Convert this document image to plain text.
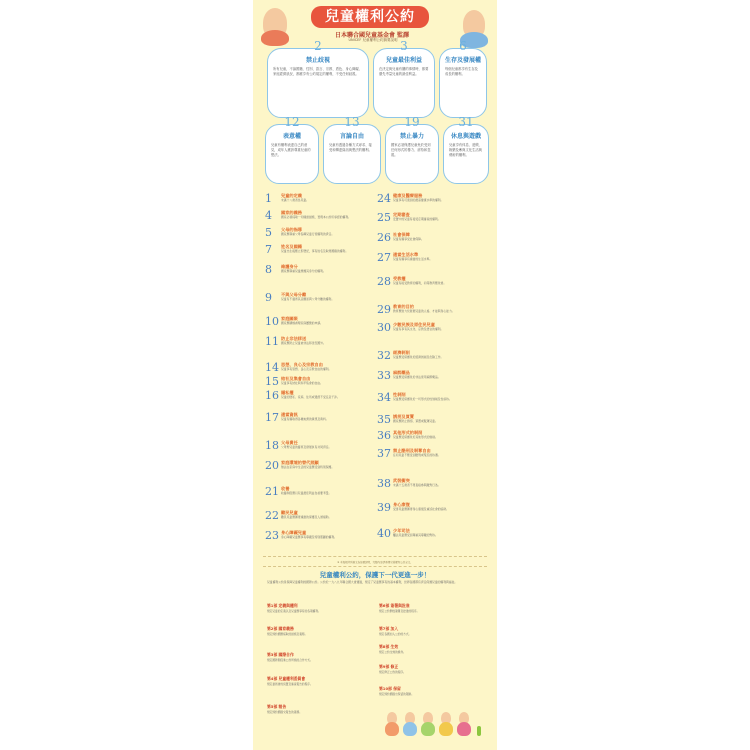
兒童權利公約
日本聯合國兒童基金會 監譯
UNICEF 兒童權利公約摘要說明
2
禁止歧視
所有兒童，不論國籍、性別、語言、宗教、膚色、身心障礙、家庭經濟狀況，都應享有公約規定的權利，不受任何歧視。
3
兒童最佳利益
在決定與兒童有關的事情時，都要優先考量兒童的最佳利益。
6
生存及發展權
每個兒童都享有生存及成長的權利。
12
表意權
兒童有權利表達自己的意見，成年人應該尊重兒童的想法。
13
言論自由
兒童有透過各種方式尋求、接受和傳達資訊與想法的權利。
19
禁止暴力
國家必須保護兒童免於受到任何形式的暴力、虐待和忽視。
31
休息與遊戲
兒童享有休息、遊戲、娛樂及參與文化生活與藝術的權利。
1	兒童的定義
未滿十八歲者為兒童。
4	國家的義務
國家必須採取一切適當措施，實現本公約所承認的權利。
5	父母的指導
國家應尊重父母指導兒童行使權利的責任。
7	姓名及國籍
兒童出生後應立即登記，享有姓名及取得國籍的權利。
8	維護身分
國家應尊重兒童維護其身分的權利。
9	不與父母分離
兒童有不違背其意願而與父母分離的權利。
10 家庭團聚
國家應積極處理家庭團聚的申請。
11 防止非法移送
國家應防止兒童被非法移送至國外。
14 思想、良心及宗教自由
兒童享有思想、良心及宗教自由的權利。
15 結社及集會自由
兒童享有結社與和平集會的自由。
16 隱私權
兒童的隱私、家庭、住所或通訊不受任意干涉。
17 適當資訊
兒童有權取得各種來源的資訊及資料。
18 父母責任
父母對兒童的養育及發展負有共同責任。
20 家庭環境的替代照顧
無法在家庭中生活的兒童應受到特別保護。
21 收養
收養制度應以兒童最佳利益為首要考量。
22 難民兒童
難民兒童應獲得適當的保護及人道援助。
23 身心障礙兒童
身心障礙兒童應享有尊嚴及特別照顧的權利。
24 健康及醫療服務
兒童享有可達到的最高健康水準的權利。
25 定期審查
安置中的兒童有接受定期審查的權利。
26 社會保障
兒童有權享受社會保障。
27 適當生活水準
兒童有權享有適當的生活水準。
28 受教權
兒童有接受教育的權利，初等教育應免費。
29 教育的目的
教育應致力於發展兒童的人格、才能與身心能力。
30 少數民族及原住民兒童
兒童有享有其文化、宗教及語言的權利。
32 經濟剝削
兒童應受保護免於經濟剝削及危險工作。
33 麻醉藥品
兒童應受保護免於非法使用麻醉藥品。
34 性剝削
兒童應受保護免於一切形式的性剝削及性虐待。
35 誘拐及買賣
國家應防止誘拐、買賣或販運兒童。
36 其他形式的剝削
兒童應受保護免於其他形式的剝削。
37 禁止酷刑及剝奪自由
任何兒童不應受到酷刑或殘忍的待遇。
38 武裝衝突
未滿十五歲者不得直接參與敵對行為。
39 身心康復
受害兒童應獲得身心康復及重返社會的協助。
40 少年司法
觸法兒童應受到尊重其尊嚴的對待。
※ 本海報所列條文為摘要說明，完整內容請參閱兒童權利公約全文。
兒童權利公約，保護下一代更進一步！
兒童權利公約是保障兒童權利的國際公約。公約於一九八九年聯合國大會通過，規定了兒童應享有的基本權利，世界各國都有責任保護兒童的權利與福祉。
第1部 定義與權利
規定兒童的定義以及兒童應享有的各項權利。
第2部 國家義務
規定締約國應採取的措施及義務。
第3部 國際合作
規定國際間促進公約實施的合作方式。
第4部 兒童權利委員會
規定委員會的設置及審查報告的程序。
第5部 報告
規定締約國提交報告的義務。
第6部 簽署與批准
規定公約開放簽署及批准的程序。
第7部 加入
規定各國加入公約的方式。
第8部 生效
規定公約生效的條件。
第9部 修正
規定修正公約的程序。
第10部 保留
規定締約國提出保留的限制。
